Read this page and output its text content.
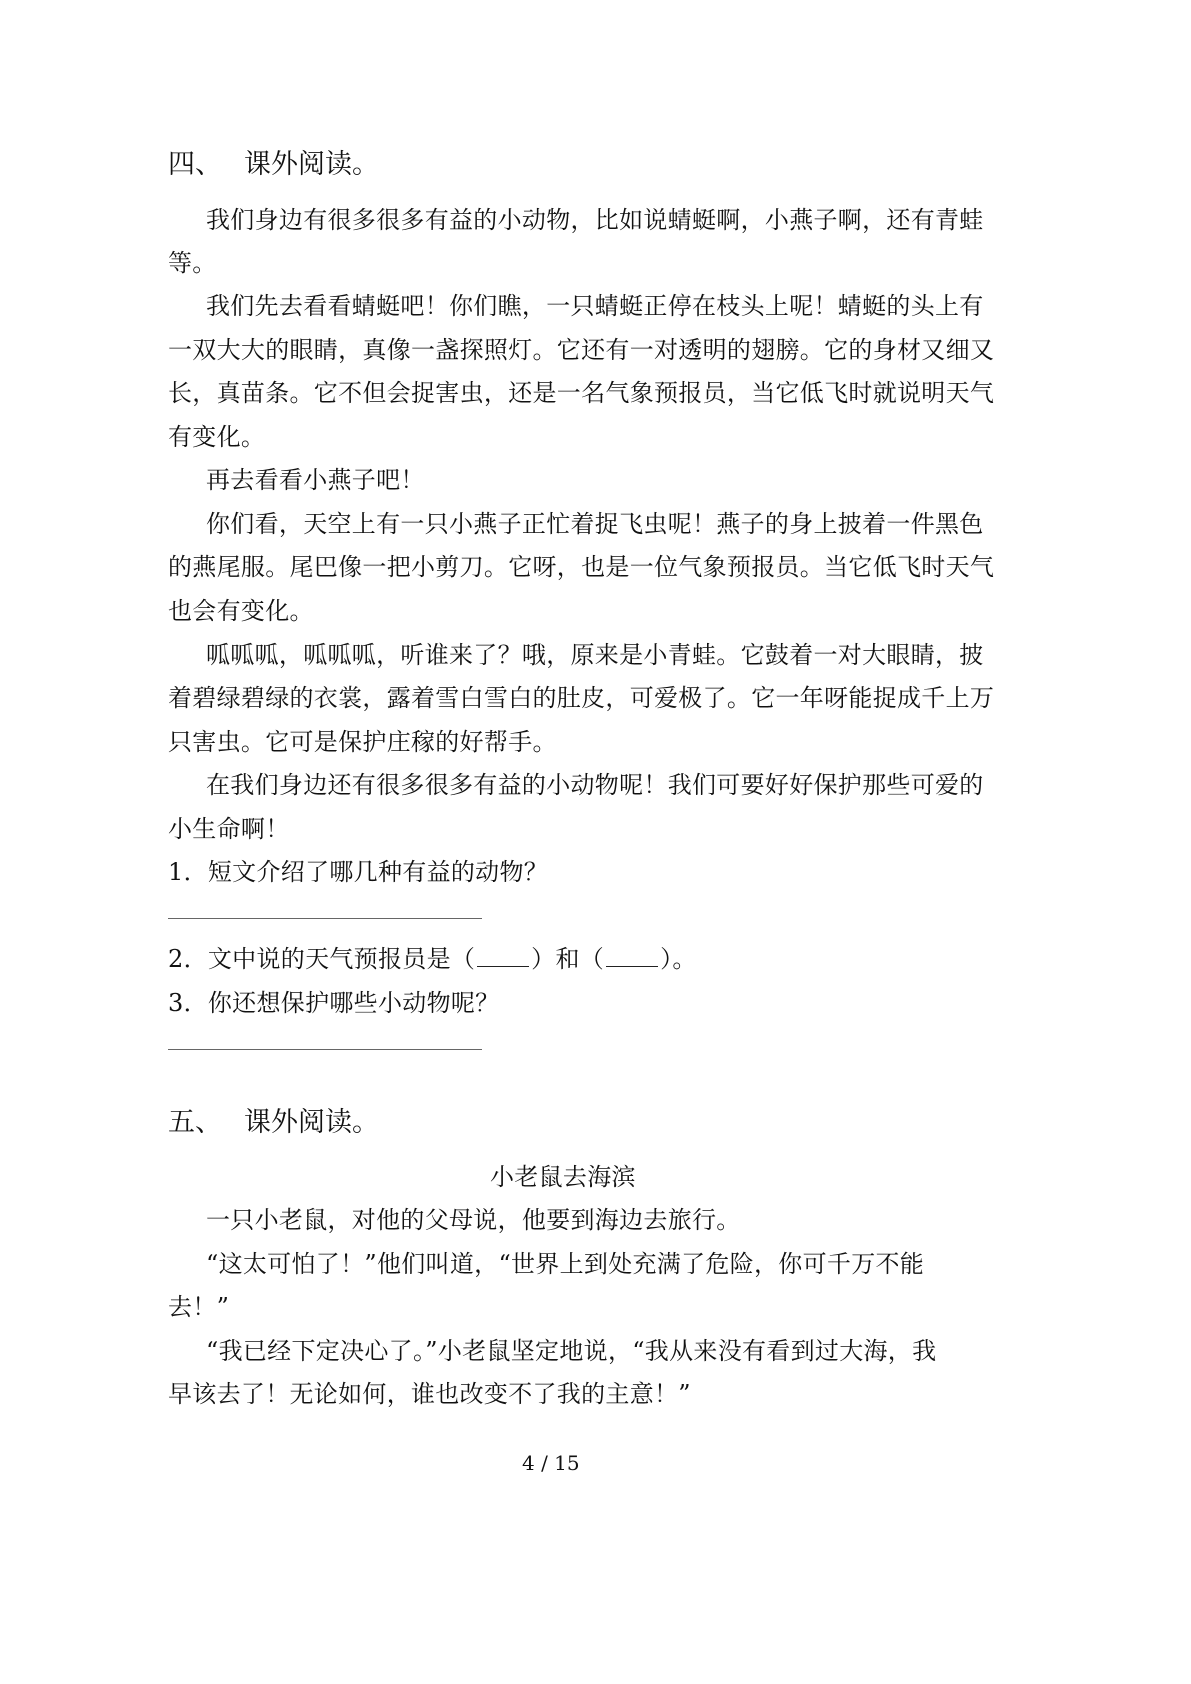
四、 课外阅读。
我们身边有很多很多有益的小动物，比如说蜻蜓啊，小燕子啊，还有青蛙
等。
我们先去看看蜻蜓吧！你们瞧，一只蜻蜓正停在枝头上呢！蜻蜓的头上有
一双大大的眼睛，真像一盏探照灯。它还有一对透明的翅膀。它的身材又细又
长，真苗条。它不但会捉害虫，还是一名气象预报员，当它低飞时就说明天气
有变化。
再去看看小燕子吧！
你们看，天空上有一只小燕子正忙着捉飞虫呢！燕子的身上披着一件黑色
的燕尾服。尾巴像一把小剪刀。它呀，也是一位气象预报员。当它低飞时天气
也会有变化。
呱呱呱，呱呱呱，听谁来了？哦，原来是小青蛙。它鼓着一对大眼睛，披
着碧绿碧绿的衣裳，露着雪白雪白的肚皮，可爱极了。它一年呀能捉成千上万
只害虫。它可是保护庄稼的好帮手。
在我们身边还有很多很多有益的小动物呢！我们可要好好保护那些可爱的
小生命啊！
1．短文介绍了哪几种有益的动物？
2．文中说的天气预报员是（ ）和（ ）。
3．你还想保护哪些小动物呢？
五、 课外阅读。
小老鼠去海滨
一只小老鼠，对他的父母说，他要到海边去旅行。
“这太可怕了！”他们叫道，“世界上到处充满了危险，你可千万不能
去！”
“我已经下定决心了。”小老鼠坚定地说，“我从来没有看到过大海，我
早该去了！无论如何，谁也改变不了我的主意！”
4 / 15
